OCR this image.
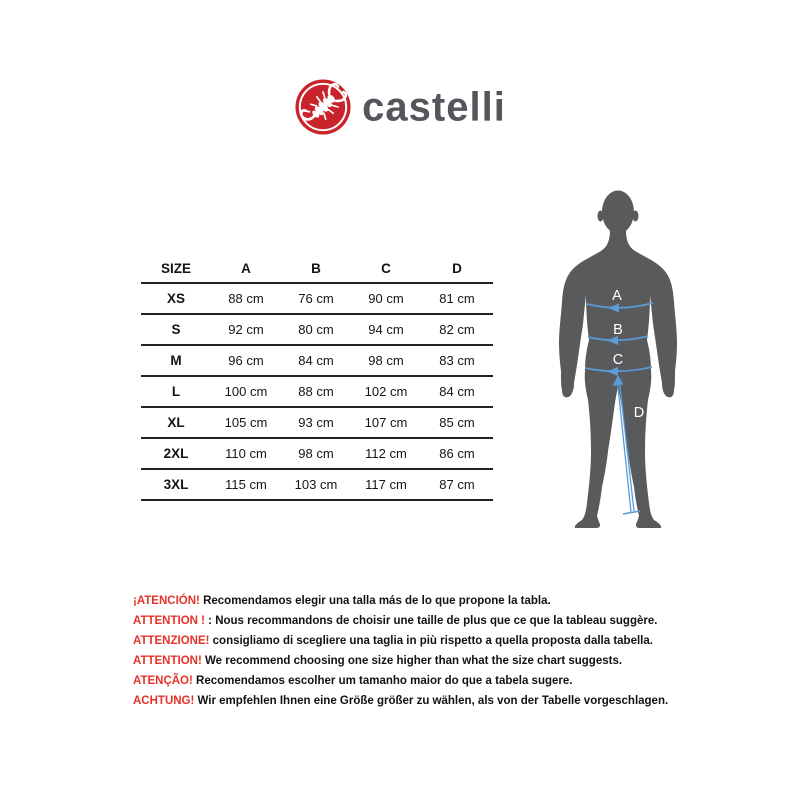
castelli
SIZE	A	B	C	D
XS	88 cm	76 cm	90 cm	81 cm
S	92 cm	80 cm	94 cm	82 cm
M	96 cm	84 cm	98 cm	83 cm
L	100 cm	88 cm	102 cm	84 cm
XL	105 cm	93 cm	107 cm	85 cm
2XL	110 cm	98 cm	112 cm	86 cm
3XL	115 cm	103 cm	117 cm	87 cm
A
B
C
D
¡ATENCIÓN! Recomendamos elegir una talla más de lo que propone la tabla.
ATTENTION ! : Nous recommandons de choisir une taille de plus que ce que la tableau suggère.
ATTENZIONE! consigliamo di scegliere una taglia in più rispetto a quella proposta dalla tabella.
ATTENTION! We recommend choosing one size higher than what the size chart suggests.
ATENÇÃO! Recomendamos escolher um tamanho maior do que a tabela sugere.
ACHTUNG! Wir empfehlen Ihnen eine Größe größer zu wählen, als von der Tabelle vorgeschlagen.
